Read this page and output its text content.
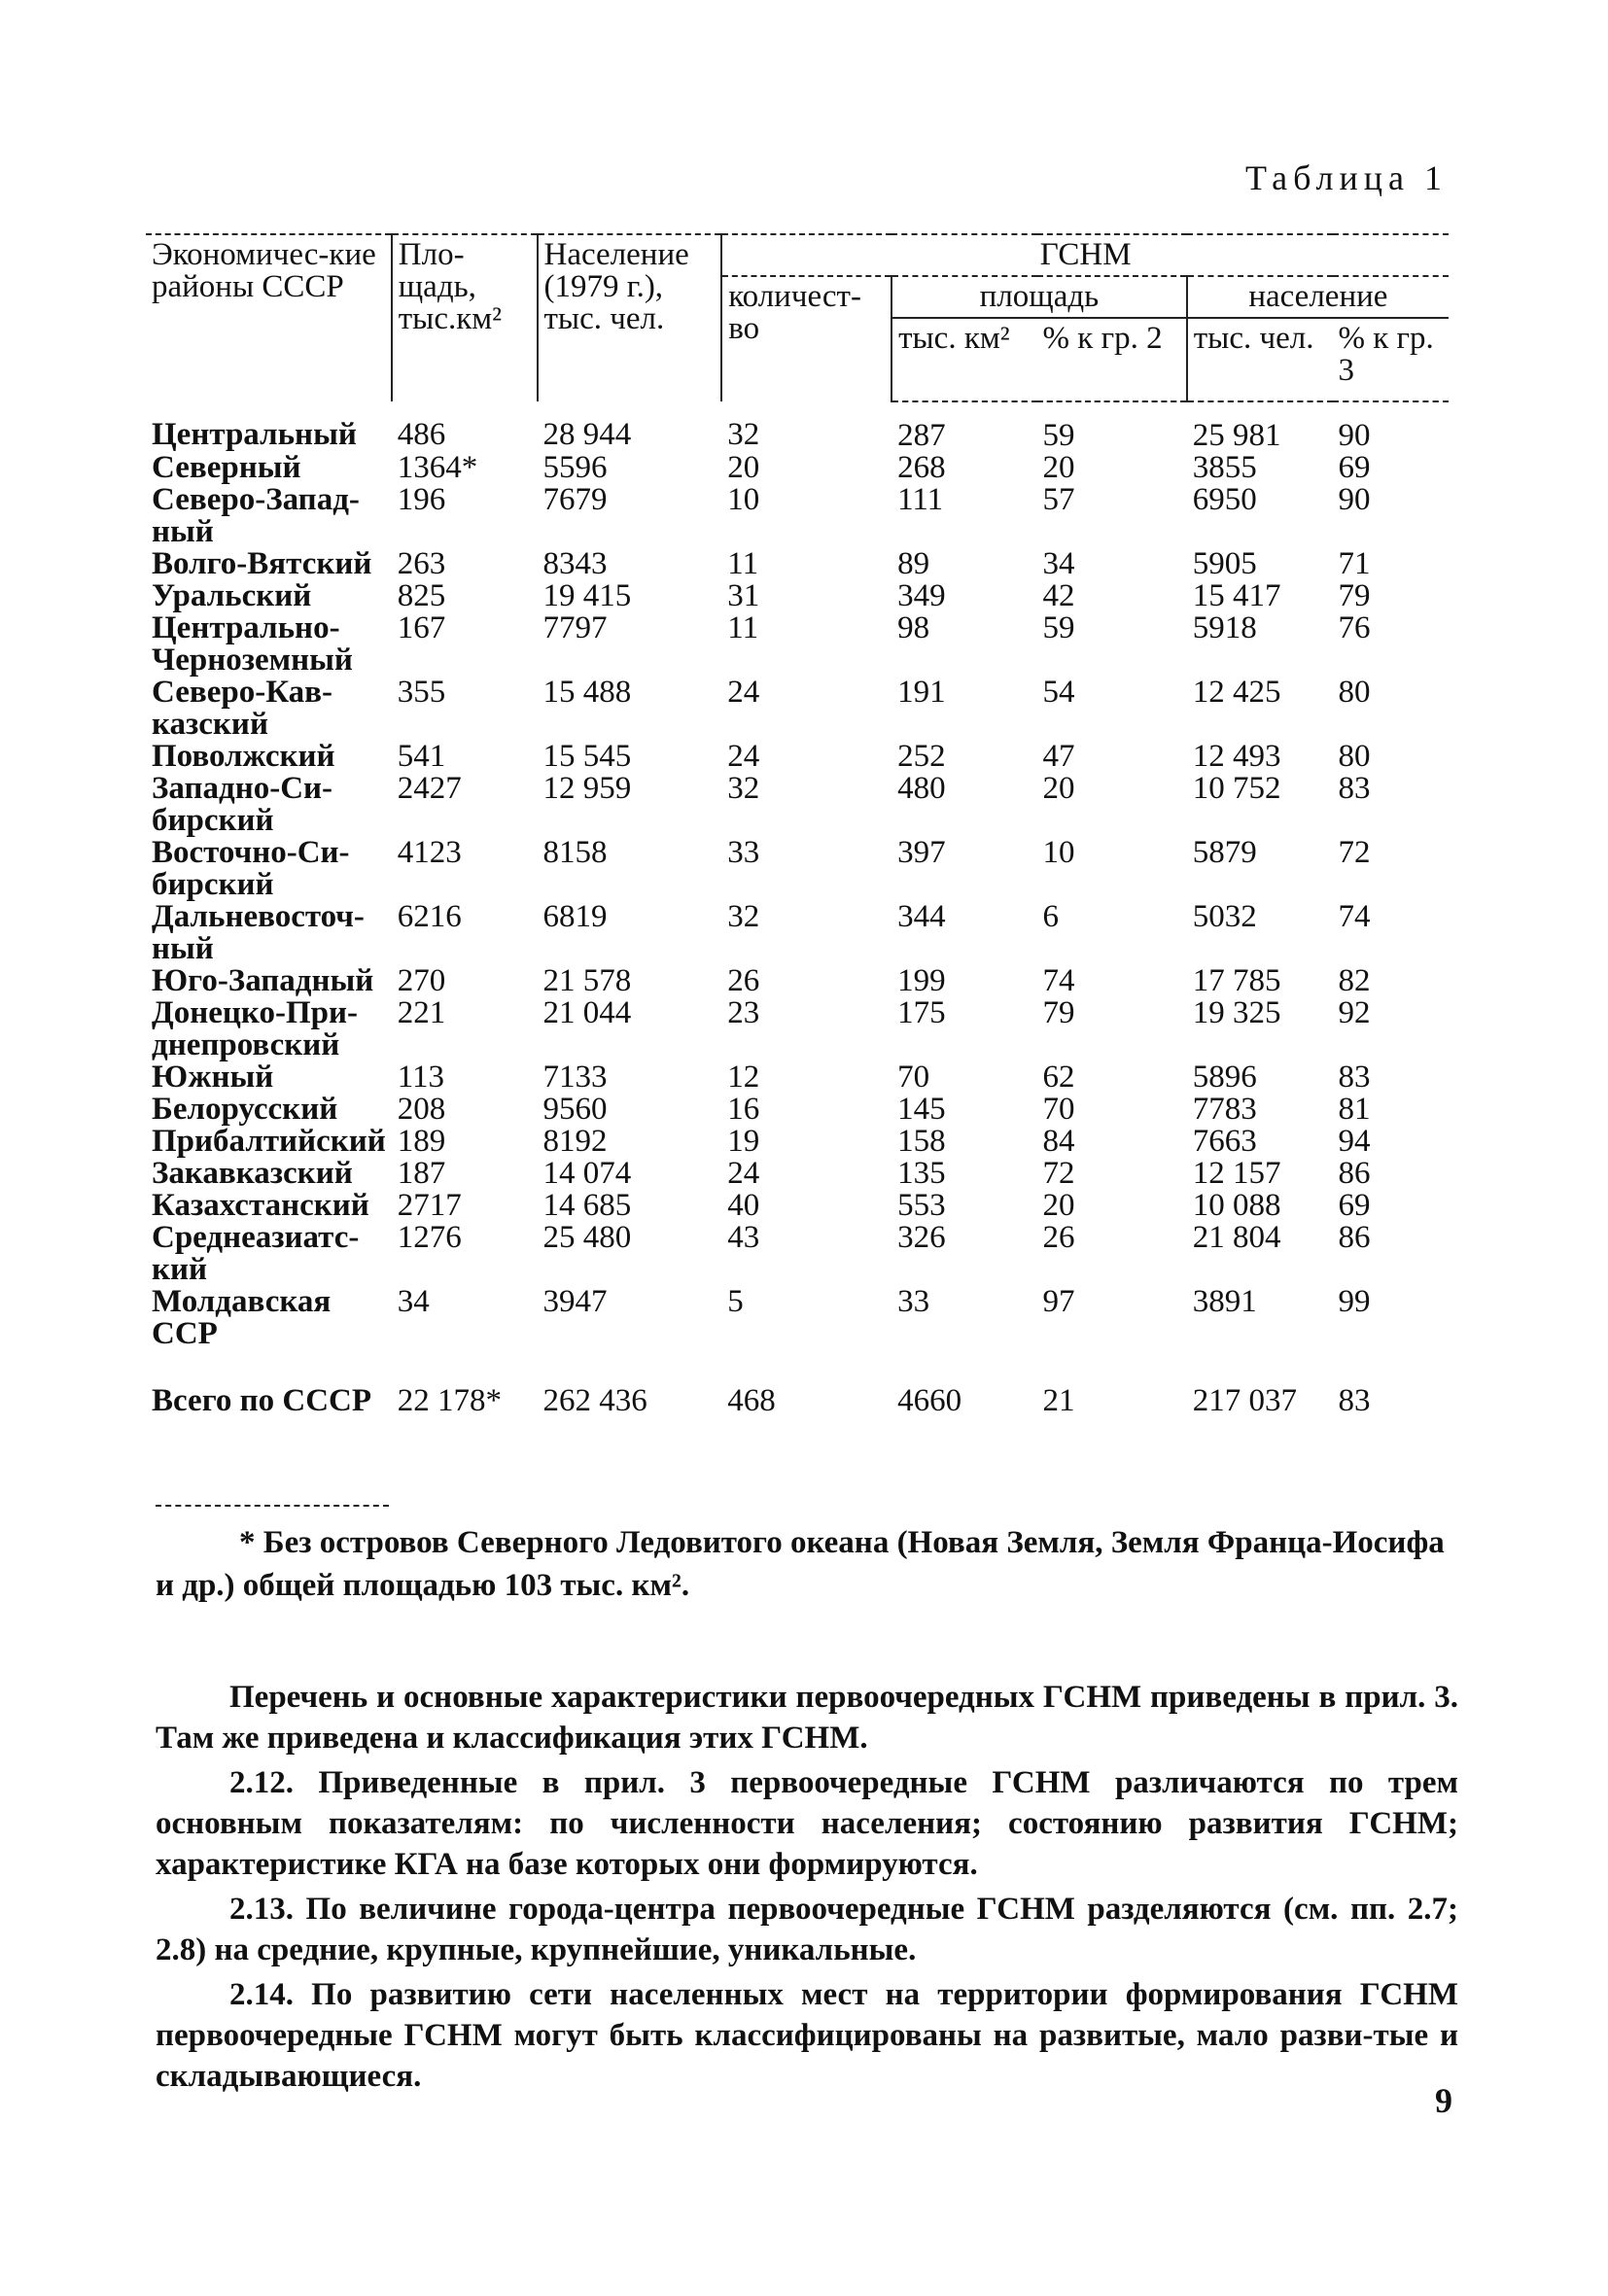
Таблица 1
Экономичес-кие районы СССР	Пло-щадь, тыс.км²	Население (1979 г.), тыс. чел.	ГСНМ				
			количест-во	площадь		население	
				тыс. км²	% к гр. 2	тыс. чел.	% к гр. 3
Центральный	486	28 944	32	287	59	25 981	90
Северный	1364*	5596	20	268	20	3855	69
Северо-Запад-ный	196	7679	10	111	57	6950	90
Волго-Вятский	263	8343	11	89	34	5905	71
Уральский	825	19 415	31	349	42	15 417	79
Центрально-Черноземный	167	7797	11	98	59	5918	76
Северо-Кав-казский	355	15 488	24	191	54	12 425	80
Поволжский	541	15 545	24	252	47	12 493	80
Западно-Си-бирский	2427	12 959	32	480	20	10 752	83
Восточно-Си-бирский	4123	8158	33	397	10	5879	72
Дальневосточ-ный	6216	6819	32	344	6	5032	74
Юго-Западный	270	21 578	26	199	74	17 785	82
Донецко-При-днепровский	221	21 044	23	175	79	19 325	92
Южный	113	7133	12	70	62	5896	83
Белорусский	208	9560	16	145	70	7783	81
Прибалтийский	189	8192	19	158	84	7663	94
Закавказский	187	14 074	24	135	72	12 157	86
Казахстанский	2717	14 685	40	553	20	10 088	69
Среднеазиатс-кий	1276	25 480	43	326	26	21 804	86
Молдавская ССР	34	3947	5	33	97	3891	99
Всего по СССР	22 178*	262 436	468	4660	21	217 037	83
* Без островов Северного Ледовитого океана (Новая Земля, Земля Франца-Иосифа и др.) общей площадью 103 тыс. км².

Перечень и основные характеристики первоочередных ГСНМ приведены в прил. 3. Там же приведена и классификация этих ГСНМ.

2.12. Приведенные в прил. 3 первоочередные ГСНМ различаются по трем основным показателям: по численности населения; состоянию развития ГСНМ; характеристике КГА на базе которых они формируются.

2.13. По величине города-центра первоочередные ГСНМ разделяются (см. пп. 2.7; 2.8) на средние, крупные, крупнейшие, уникальные.

2.14. По развитию сети населенных мест на территории формирования ГСНМ первоочередные ГСНМ могут быть классифицированы на развитые, мало разви-тые и складывающиеся.

9
